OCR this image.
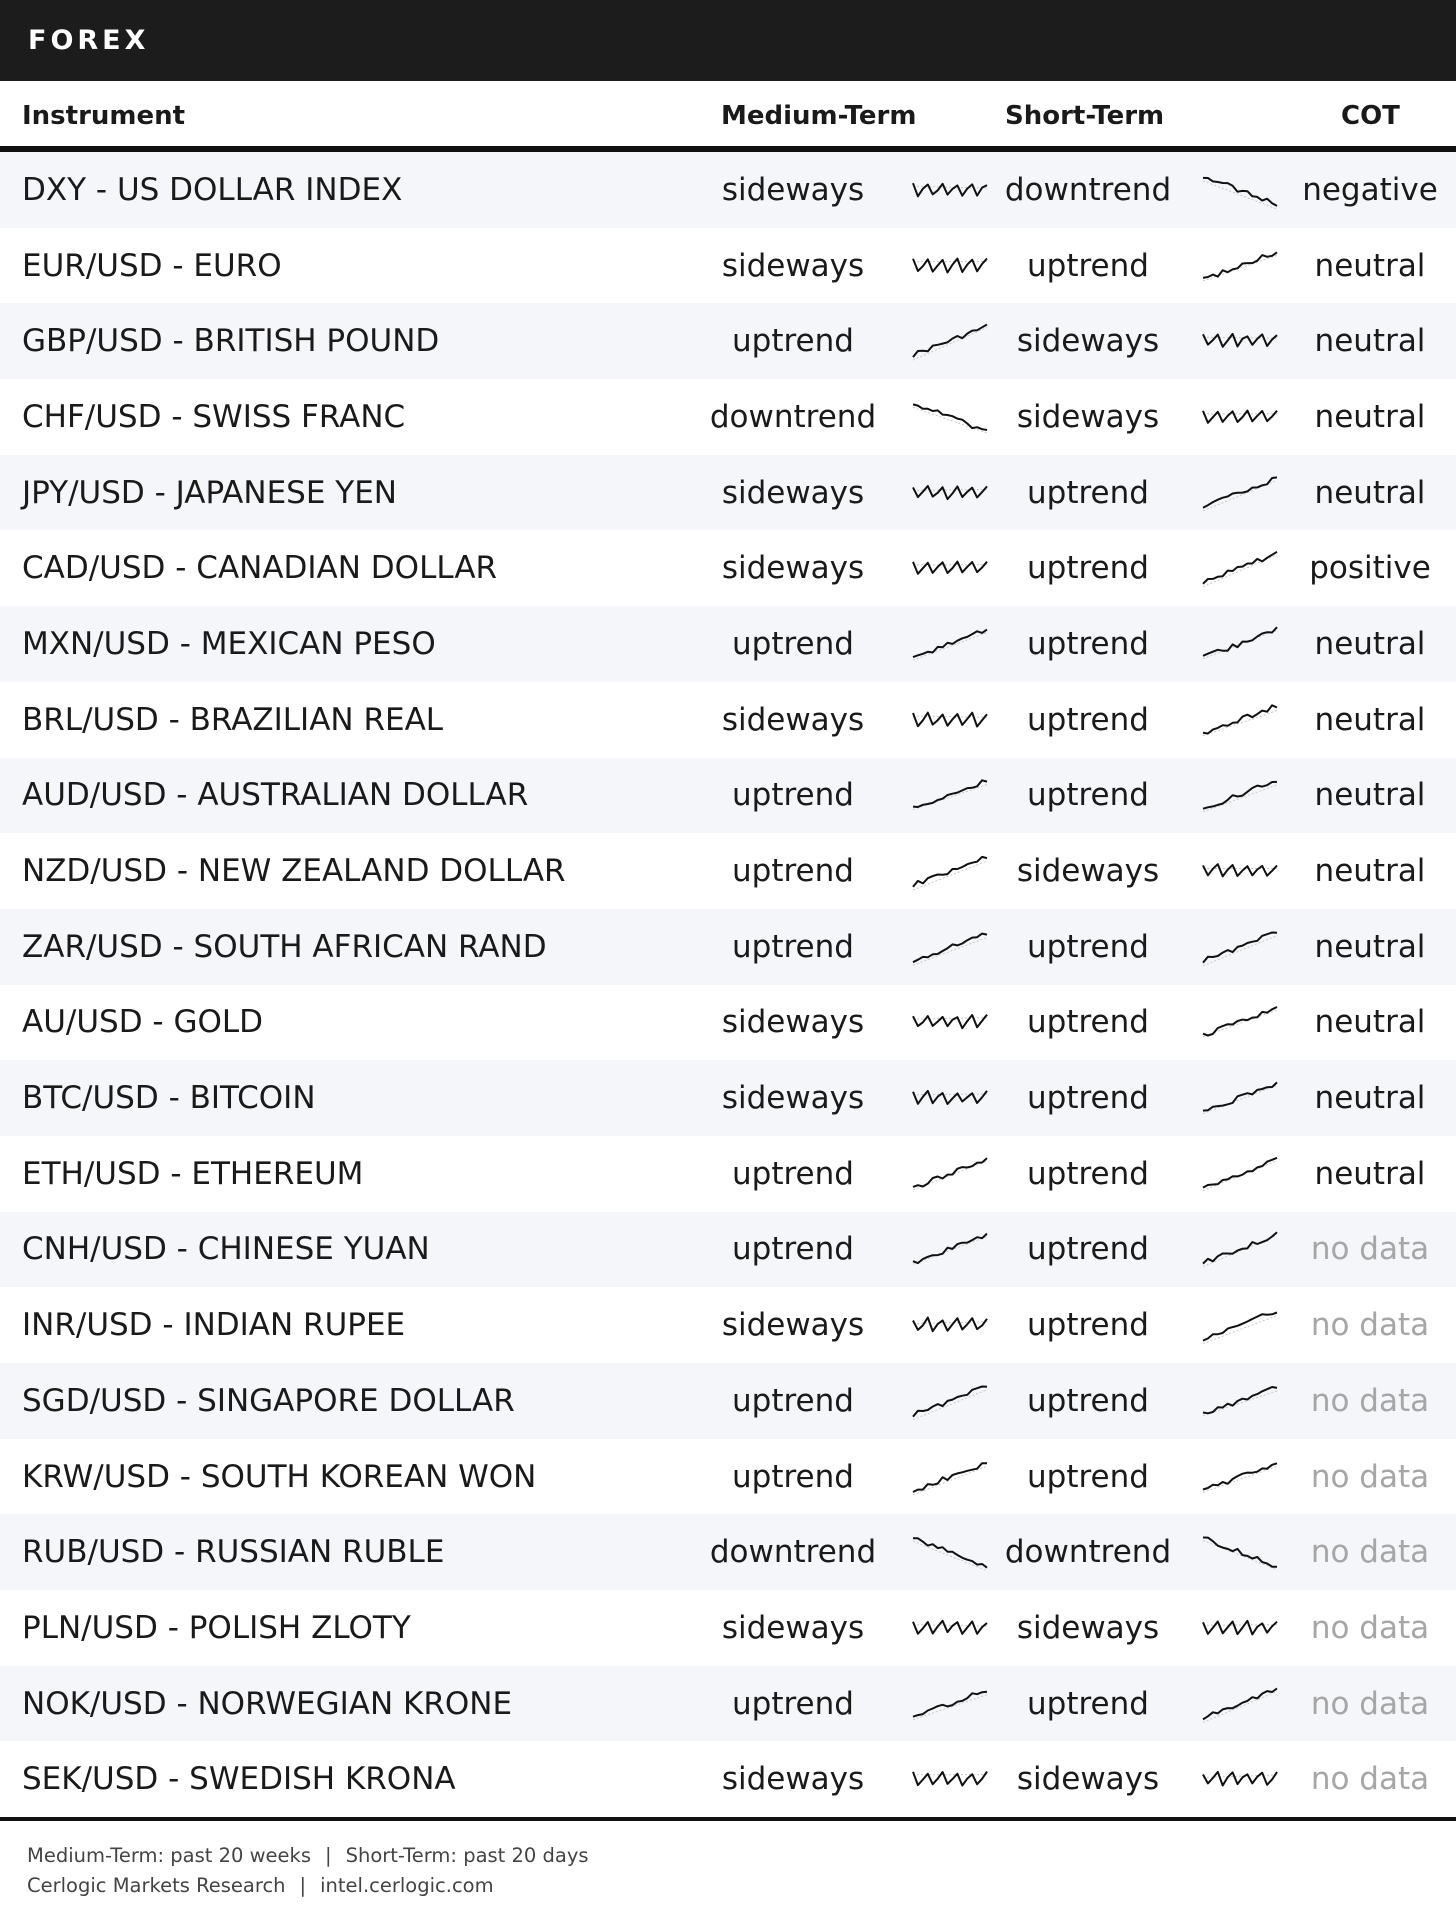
FOREX
Instrument	Medium-Term	Short-Term	COT
DXY - US DOLLAR INDEX	sideways	downtrend	negative
EUR/USD - EURO	sideways	uptrend	neutral
GBP/USD - BRITISH POUND	uptrend	sideways	neutral
CHF/USD - SWISS FRANC	downtrend	sideways	neutral
JPY/USD - JAPANESE YEN	sideways	uptrend	neutral
CAD/USD - CANADIAN DOLLAR	sideways	uptrend	positive
MXN/USD - MEXICAN PESO	uptrend	uptrend	neutral
BRL/USD - BRAZILIAN REAL	sideways	uptrend	neutral
AUD/USD - AUSTRALIAN DOLLAR	uptrend	uptrend	neutral
NZD/USD - NEW ZEALAND DOLLAR	uptrend	sideways	neutral
ZAR/USD - SOUTH AFRICAN RAND	uptrend	uptrend	neutral
AU/USD - GOLD	sideways	uptrend	neutral
BTC/USD - BITCOIN	sideways	uptrend	neutral
ETH/USD - ETHEREUM	uptrend	uptrend	neutral
CNH/USD - CHINESE YUAN	uptrend	uptrend	no data
INR/USD - INDIAN RUPEE	sideways	uptrend	no data
SGD/USD - SINGAPORE DOLLAR	uptrend	uptrend	no data
KRW/USD - SOUTH KOREAN WON	uptrend	uptrend	no data
RUB/USD - RUSSIAN RUBLE	downtrend	downtrend	no data
PLN/USD - POLISH ZLOTY	sideways	sideways	no data
NOK/USD - NORWEGIAN KRONE	uptrend	uptrend	no data
SEK/USD - SWEDISH KRONA	sideways	sideways	no data
Medium-Term: past 20 weeks | Short-Term: past 20 days
Cerlogic Markets Research | intel.cerlogic.com
